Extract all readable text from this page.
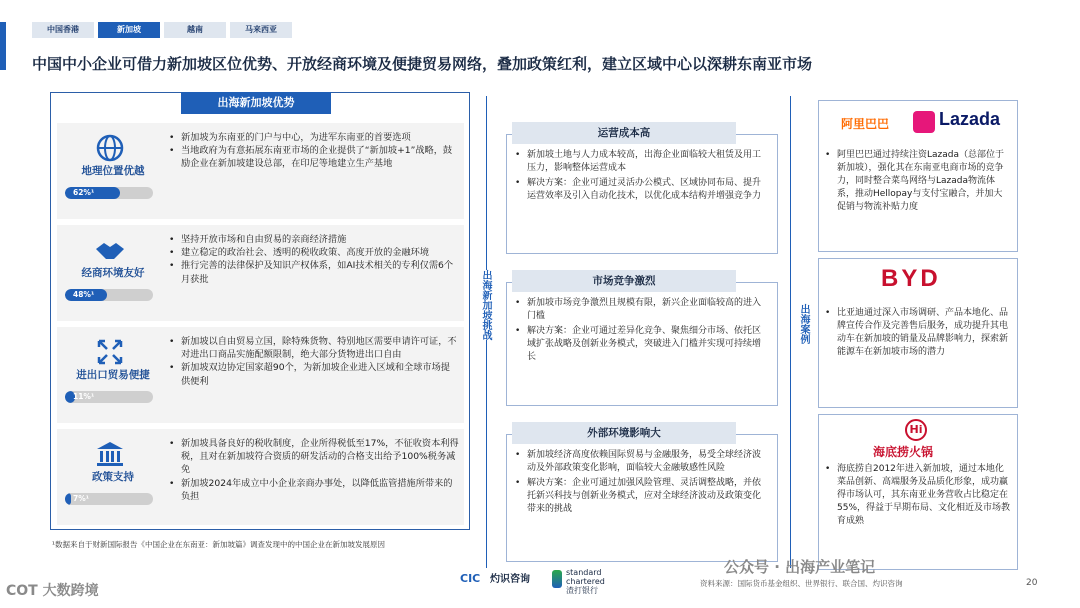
中国香港	新加坡	越南	马来西亚
中国中小企业可借力新加坡区位优势、开放经商环境及便捷贸易网络，叠加政策红利，建立区域中心以深耕东南亚市场
出海新加坡优势
地理位置优越
62%¹
• 新加坡为东南亚的门户与中心，为进军东南亚的首要选项
• 当地政府为有意拓展东南亚市场的企业提供了“新加坡+1”战略，鼓励企业在新加坡建设总部，在印尼等地建立生产基地
经商环境友好
48%¹
• 坚持开放市场和自由贸易的亲商经济措施
• 建立稳定的政治社会、透明的税收政策、高度开放的金融环境
• 推行完善的法律保护及知识产权体系，如AI技术相关的专利仅需6个月获批
进出口贸易便捷
11%¹
• 新加坡以自由贸易立国，除特殊货物、特别地区需要申请许可证，不对进出口商品实施配额限制，绝大部分货物进出口自由
• 新加坡双边协定国家超90个，为新加坡企业进入区域和全球市场提供便利
政策支持
7%¹
• 新加坡具备良好的税收制度，企业所得税低至17%，不征收资本利得税，且对在新加坡符合资质的研发活动的合格支出给予100%税务减免
• 新加坡2024年成立中小企业亲商办事处，以降低监管措施所带来的负担
¹数据来自于财新国际报告《中国企业在东南亚：新加坡篇》调查发现中的中国企业在新加坡发展原因
出海新加坡挑战
• 新加坡土地与人力成本较高，出海企业面临较大租赁及用工压力，影响整体运营成本
• 解决方案：企业可通过灵活办公模式、区域协同布局、提升运营效率及引入自动化技术，以优化成本结构并增强竞争力
运营成本高
• 新加坡市场竞争激烈且规模有限，新兴企业面临较高的进入门槛
• 解决方案：企业可通过差异化竞争、聚焦细分市场、依托区域扩张战略及创新业务模式，突破进入门槛并实现可持续增长
市场竞争激烈
• 新加坡经济高度依赖国际贸易与金融服务，易受全球经济波动及外部政策变化影响，面临较大金融敏感性风险
• 解决方案：企业可通过加强风险管理、灵活调整战略，并依托新兴科技与创新业务模式，应对全球经济波动及政策变化带来的挑战
外部环境影响大
出海案例
阿里巴巴	Lazada
• 阿里巴巴通过持续注资Lazada（总部位于新加坡），强化其在东南亚电商市场的竞争力，同时整合菜鸟网络与Lazada物流体系，推动Hellopay与支付宝融合，并加大促销与物流补贴力度
BYD
• 比亚迪通过深入市场调研、产品本地化、品牌宣传合作及完善售后服务，成功提升其电动车在新加坡的销量及品牌影响力，探索新能源车在新加坡市场的潜力
Hi
海底捞火锅
• 海底捞自2012年进入新加坡，通过本地化菜品创新、高端服务及品质化形象，成功赢得市场认可，其东南亚业务营收占比稳定在55%，得益于早期布局、文化相近及市场教育成熟
CIC 灼识咨询
standard
chartered
渣打银行
资料来源：国际货币基金组织、世界银行、联合国、灼识咨询	20
COT 大数跨境
公众号 · 出海产业笔记
